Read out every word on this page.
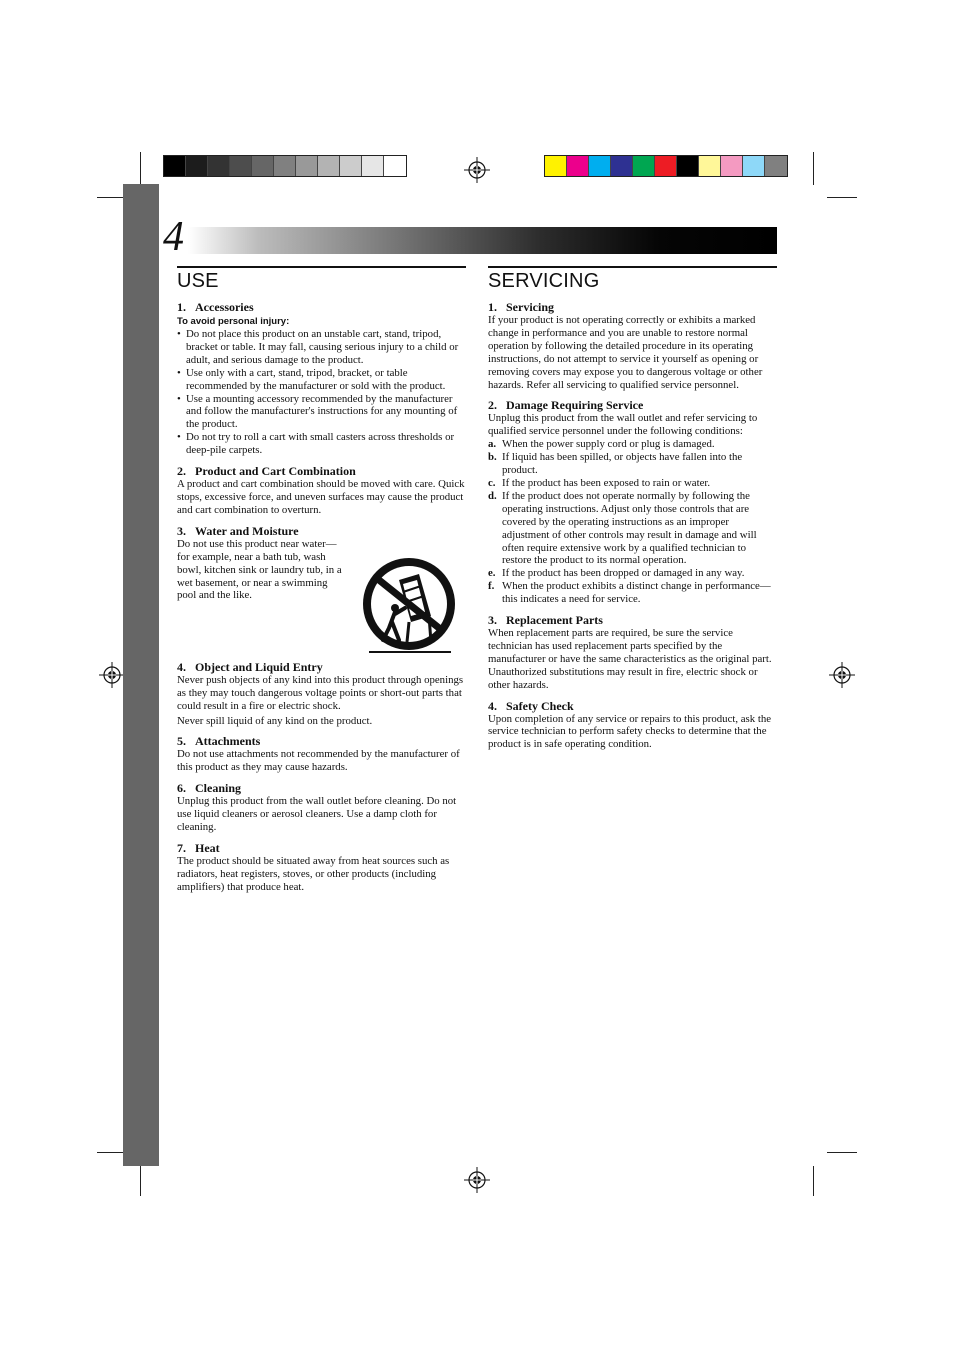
4
USE
1. Accessories
To avoid personal injury:
• Do not place this product on an unstable cart, stand, tripod, bracket or table. It may fall, causing serious injury to a child or adult, and serious damage to the product.
• Use only with a cart, stand, tripod, bracket, or table recommended by the manufacturer or sold with the product.
• Use a mounting accessory recommended by the manufacturer and follow the manufacturer's instructions for any mounting of the product.
• Do not try to roll a cart with small casters across thresholds or deep-pile carpets.
2. Product and Cart Combination

A product and cart combination should be moved with care. Quick stops, excessive force, and uneven surfaces may cause the product and cart combination to overturn.

3. Water and Moisture

Do not use this product near water—for example, near a bath tub, wash bowl, kitchen sink or laundry tub, in a wet basement, or near a swimming pool and the like.

4. Object and Liquid Entry

Never push objects of any kind into this product through openings as they may touch dangerous voltage points or short-out parts that could result in a fire or electric shock.

Never spill liquid of any kind on the product.

5. Attachments

Do not use attachments not recommended by the manufacturer of this product as they may cause hazards.

6. Cleaning

Unplug this product from the wall outlet before cleaning. Do not use liquid cleaners or aerosol cleaners. Use a damp cloth for cleaning.

7. Heat

The product should be situated away from heat sources such as radiators, heat registers, stoves, or other products (including amplifiers) that produce heat.

SERVICING
1. Servicing

If your product is not operating correctly or exhibits a marked change in performance and you are unable to restore normal operation by following the detailed procedure in its operating instructions, do not attempt to service it yourself as opening or removing covers may expose you to dangerous voltage or other hazards. Refer all servicing to qualified service personnel.

2. Damage Requiring Service

Unplug this product from the wall outlet and refer servicing to qualified service personnel under the following conditions:

a. When the power supply cord or plug is damaged.
b. If liquid has been spilled, or objects have fallen into the product.
c. If the product has been exposed to rain or water.
d. If the product does not operate normally by following the operating instructions. Adjust only those controls that are covered by the operating instructions as an improper adjustment of other controls may result in damage and will often require extensive work by a qualified technician to restore the product to its normal operation.
e. If the product has been dropped or damaged in any way.
f. When the product exhibits a distinct change in performance—this indicates a need for service.
3. Replacement Parts

When replacement parts are required, be sure the service technician has used replacement parts specified by the manufacturer or have the same characteristics as the original part. Unauthorized substitutions may result in fire, electric shock or other hazards.

4. Safety Check

Upon completion of any service or repairs to this product, ask the service technician to perform safety checks to determine that the product is in safe operating condition.
